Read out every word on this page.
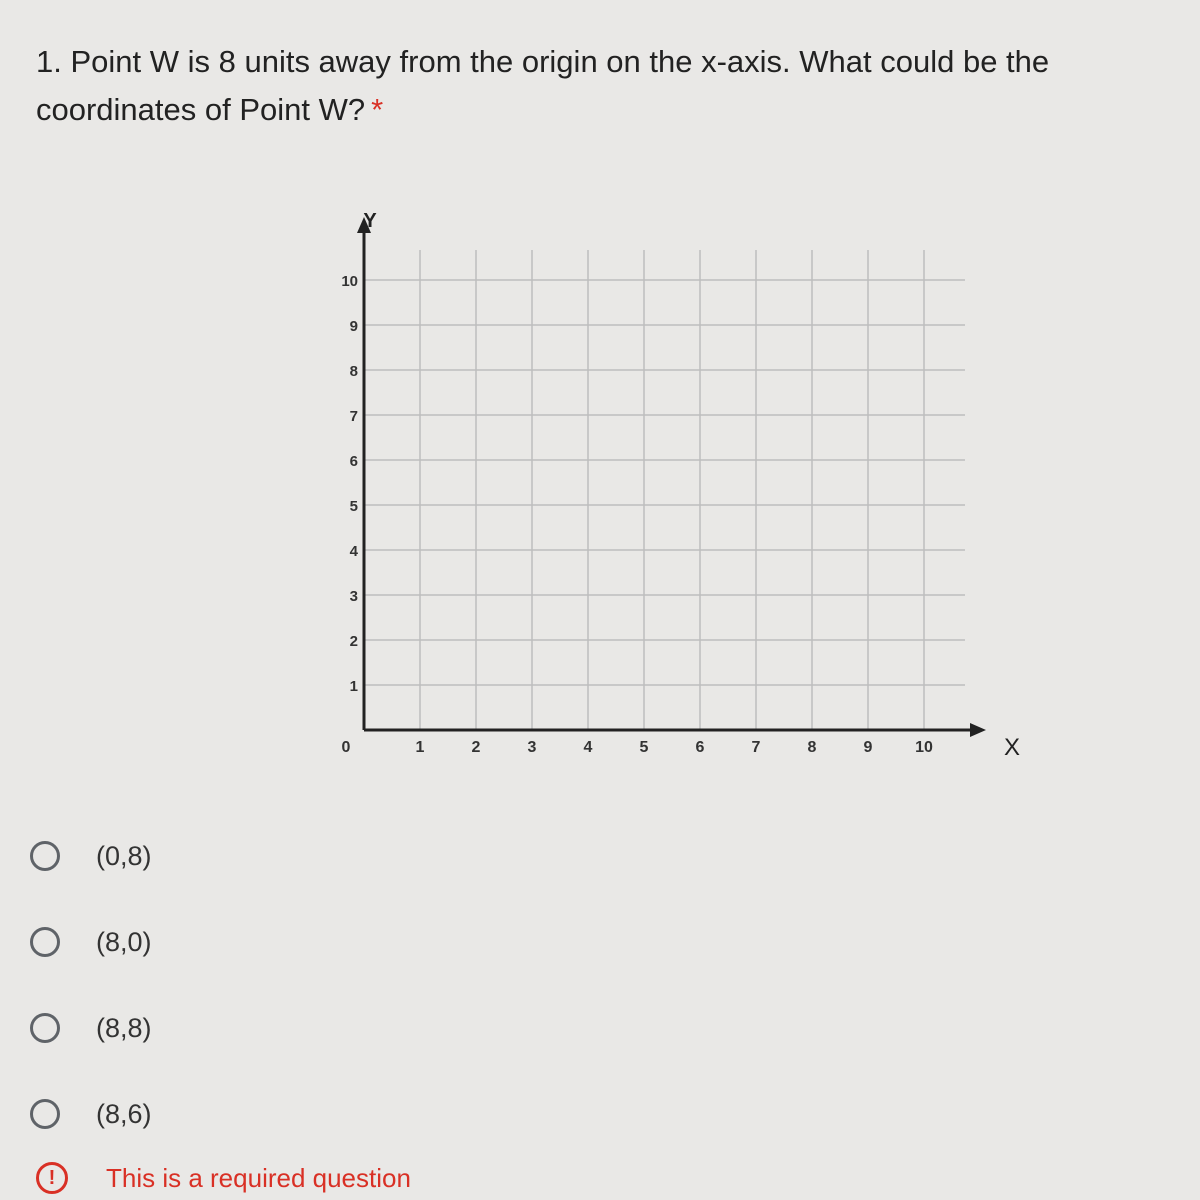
1. Point W is 8 units away from the origin on the x-axis. What could be the coordinates of Point W? *
0	1	2	3	4	5	6	7	8	9	10
1
2
3
4
5
6
7
8
9
10
Y
X
(0,8)
(8,0)
(8,8)
(8,6)
!	This is a required question
